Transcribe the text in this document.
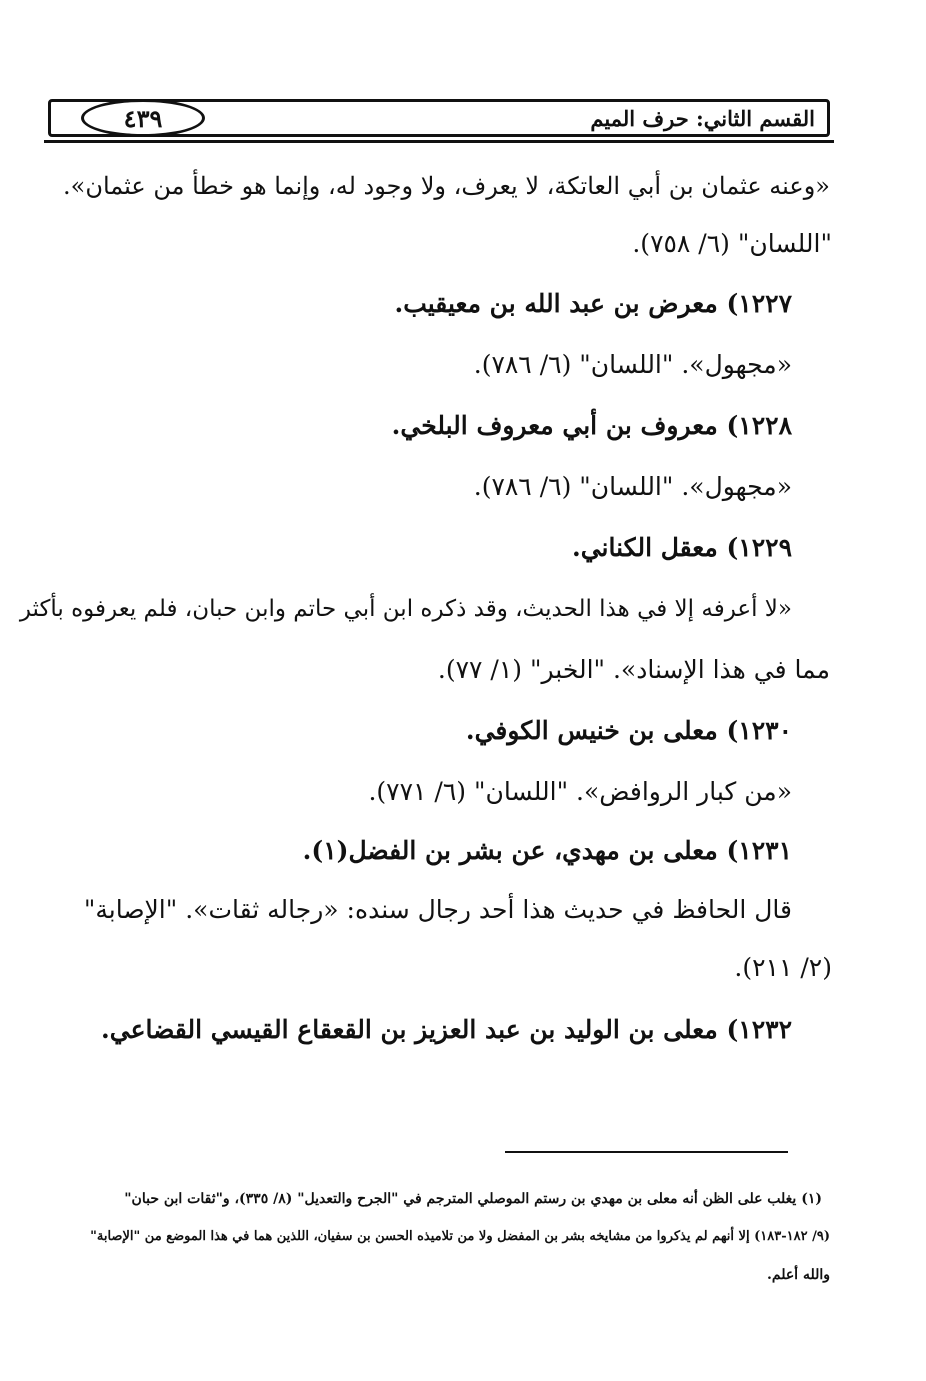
٤٣٩	القسم الثاني: حرف الميم
«وعنه عثمان بن أبي العاتكة، لا يعرف، ولا وجود له، وإنما هو خطأ من عثمان».
"اللسان" (٦/ ٧٥٨).
١٢٢٧) معرض بن عبد الله بن معيقيب.
«مجهول». "اللسان" (٦/ ٧٨٦).
١٢٢٨) معروف بن أبي معروف البلخي.
«مجهول». "اللسان" (٦/ ٧٨٦).
١٢٢٩) معقل الكناني.
«لا أعرفه إلا في هذا الحديث، وقد ذكره ابن أبي حاتم وابن حبان، فلم يعرفوه بأكثر
مما في هذا الإسناد». "الخبر" (١/ ٧٧).
١٢٣٠) معلى بن خنيس الكوفي.
«من كبار الروافض». "اللسان" (٦/ ٧٧١).
١٢٣١) معلى بن مهدي، عن بشر بن الفضل(١).
قال الحافظ في حديث هذا أحد رجال سنده: «رجاله ثقات». "الإصابة"
(٢/ ٢١١).
١٢٣٢) معلى بن الوليد بن عبد العزيز بن القعقاع القيسي القضاعي.
(١) يغلب على الظن أنه معلى بن مهدي بن رستم الموصلي المترجم في "الجرح والتعديل" (٨/ ٣٣٥)، و"ثقات ابن حبان"
(٩/ ١٨٢-١٨٣) إلا أنهم لم يذكروا من مشايخه بشر بن المفضل ولا من تلاميذه الحسن بن سفيان، اللذين هما في هذا الموضع من "الإصابة"
والله أعلم.
